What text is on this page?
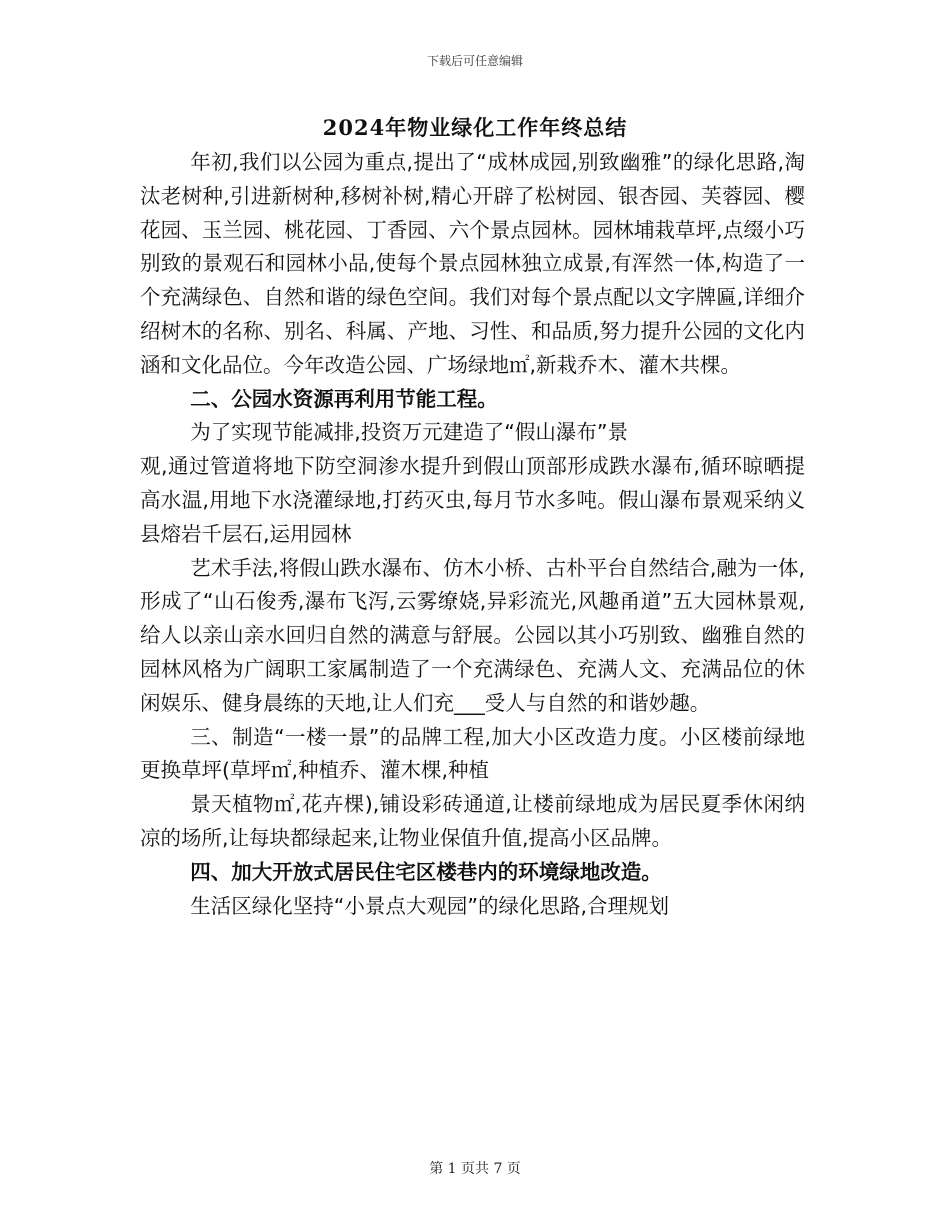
下载后可任意编辑
2024年物业绿化工作年终总结

年初,我们以公园为重点,提出了“成林成园,别致幽雅”的绿化思路,淘汰老树种,引进新树种,移树补树,精心开辟了松树园、银杏园、芙蓉园、樱花园、玉兰园、桃花园、丁香园、六个景点园林。园林埔栽草坪,点缀小巧别致的景观石和园林小品,使每个景点园林独立成景,有浑然一体,构造了一个充满绿色、自然和谐的绿色空间。我们对每个景点配以文字牌匾,详细介绍树木的名称、别名、科属、产地、习性、和品质,努力提升公园的文化内涵和文化品位。今年改造公园、广场绿地㎡,新栽乔木、灌木共棵。

二、公园水资源再利用节能工程。

为了实现节能减排,投资万元建造了“假山瀑布”景

观,通过管道将地下防空洞渗水提升到假山顶部形成跌水瀑布,循环晾晒提高水温,用地下水浇灌绿地,打药灭虫,每月节水多吨。假山瀑布景观采纳义县熔岩千层石,运用园林

艺术手法,将假山跌水瀑布、仿木小桥、古朴平台自然结合,融为一体,形成了“山石俊秀,瀑布飞泻,云雾缭娆,异彩流光,风趣甬道”五大园林景观,给人以亲山亲水回归自然的满意与舒展。公园以其小巧别致、幽雅自然的园林风格为广阔职工家属制造了一个充满绿色、充满人文、充满品位的休闲娱乐、健身晨练的天地,让人们充___受人与自然的和谐妙趣。

三、制造“一楼一景”的品牌工程,加大小区改造力度。小区楼前绿地更换草坪(草坪㎡,种植乔、灌木棵,种植

景天植物㎡,花卉棵),铺设彩砖通道,让楼前绿地成为居民夏季休闲纳凉的场所,让每块都绿起来,让物业保值升值,提高小区品牌。

四、加大开放式居民住宅区楼巷内的环境绿地改造。

生活区绿化坚持“小景点大观园”的绿化思路,合理规划

第 1 页共 7 页
